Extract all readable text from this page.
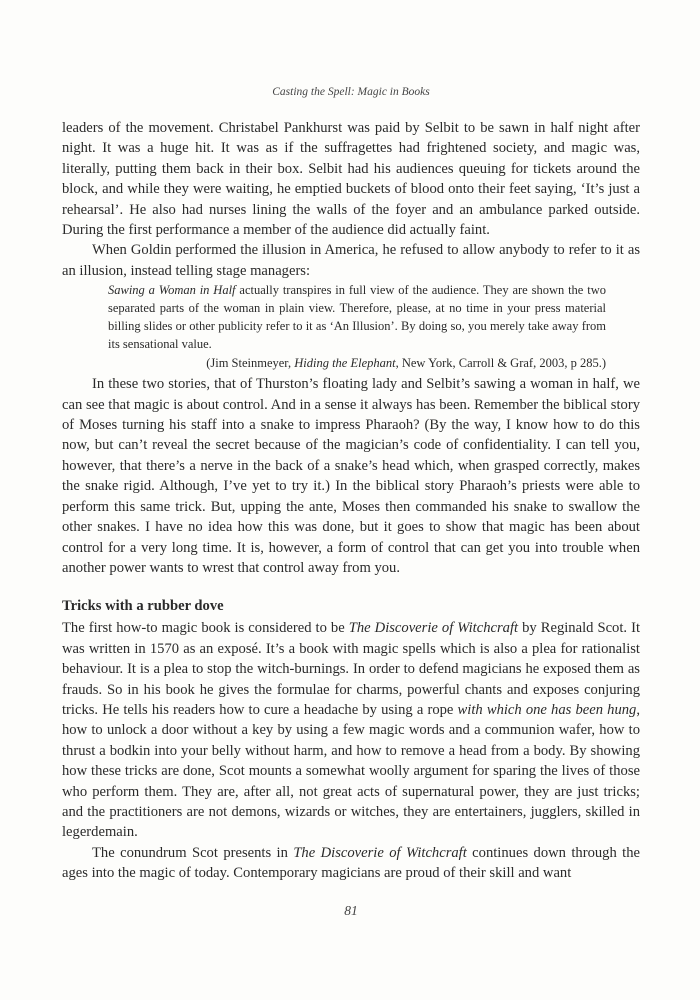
Casting the Spell: Magic in Books

leaders of the movement. Christabel Pankhurst was paid by Selbit to be sawn in half night after night. It was a huge hit. It was as if the suffragettes had frightened society, and magic was, literally, putting them back in their box. Selbit had his audiences queuing for tickets around the block, and while they were waiting, he emptied buckets of blood onto their feet saying, ‘It’s just a rehearsal’. He also had nurses lining the walls of the foyer and an ambulance parked outside. During the first performance a member of the audience did actually faint.

When Goldin performed the illusion in America, he refused to allow anybody to refer to it as an illusion, instead telling stage managers:

Sawing a Woman in Half actually transpires in full view of the audience. They are shown the two separated parts of the woman in plain view. Therefore, please, at no time in your press material billing slides or other publicity refer to it as ‘An Illusion’. By doing so, you merely take away from its sensational value.

(Jim Steinmeyer, Hiding the Elephant, New York, Carroll & Graf, 2003, p 285.)

In these two stories, that of Thurston’s floating lady and Selbit’s sawing a woman in half, we can see that magic is about control. And in a sense it always has been. Remember the biblical story of Moses turning his staff into a snake to impress Pharaoh? (By the way, I know how to do this now, but can’t reveal the secret because of the magician’s code of confidentiality. I can tell you, however, that there’s a nerve in the back of a snake’s head which, when grasped correctly, makes the snake rigid. Although, I’ve yet to try it.) In the biblical story Pharaoh’s priests were able to perform this same trick. But, upping the ante, Moses then commanded his snake to swallow the other snakes. I have no idea how this was done, but it goes to show that magic has been about control for a very long time. It is, however, a form of control that can get you into trouble when another power wants to wrest that control away from you.

Tricks with a rubber dove

The first how-to magic book is considered to be The Discoverie of Witchcraft by Reginald Scot. It was written in 1570 as an exposé. It’s a book with magic spells which is also a plea for rationalist behaviour. It is a plea to stop the witch-burnings. In order to defend magicians he exposed them as frauds. So in his book he gives the formulae for charms, powerful chants and exposes conjuring tricks. He tells his readers how to cure a headache by using a rope with which one has been hung, how to unlock a door without a key by using a few magic words and a communion wafer, how to thrust a bodkin into your belly without harm, and how to remove a head from a body. By showing how these tricks are done, Scot mounts a somewhat woolly argument for sparing the lives of those who perform them. They are, after all, not great acts of supernatural power, they are just tricks; and the practitioners are not demons, wizards or witches, they are entertainers, jugglers, skilled in legerdemain.

The conundrum Scot presents in The Discoverie of Witchcraft continues down through the ages into the magic of today. Contemporary magicians are proud of their skill and want

81
